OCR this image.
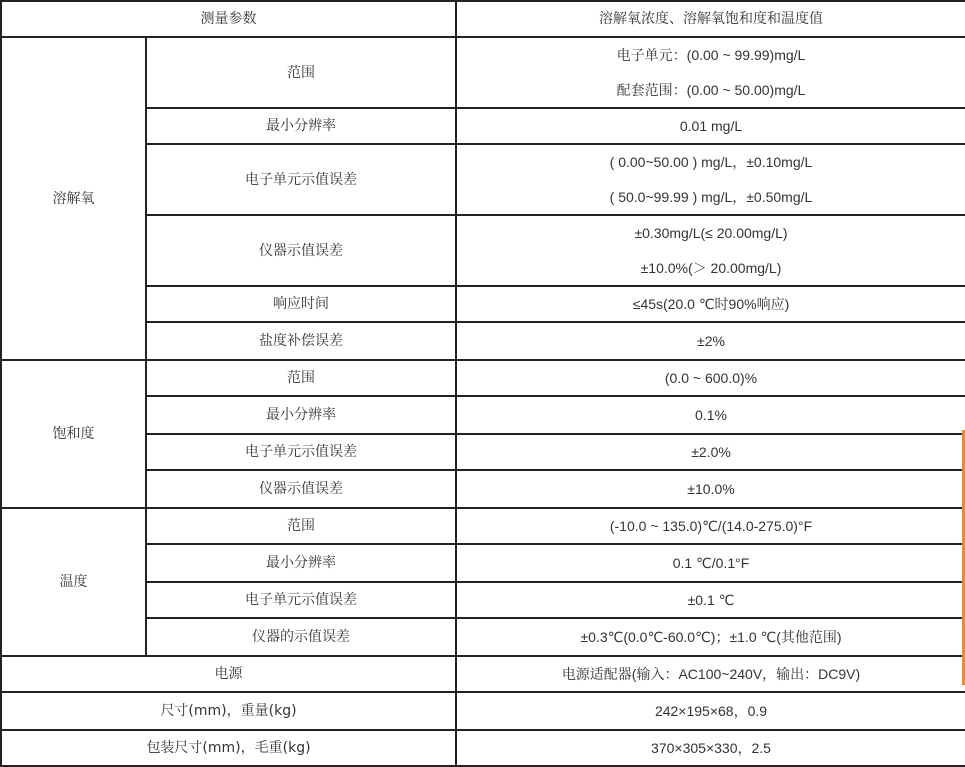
测量参数		溶解氧浓度、溶解氧饱和度和温度值
溶解氧	范围	电子单元：(0.00 ~ 99.99)mg/L
配套范围：(0.00 ~ 50.00)mg/L

	最小分辨率	0.01 mg/L
	电子单元示值误差	( 0.00~50.00 ) mg/L，±0.10mg/L
( 50.0~99.99 ) mg/L，±0.50mg/L

	仪器示值误差	±0.30mg/L(≤ 20.00mg/L)
±10.0%(＞ 20.00mg/L)

	响应时间	≤45s(20.0 ℃时90%响应)
	盐度补偿误差	±2%
饱和度	范围	(0.0 ~ 600.0)%
	最小分辨率	0.1%
	电子单元示值误差	±2.0%
	仪器示值误差	±10.0%
温度	范围	(-10.0 ~ 135.0)℃/(14.0-275.0)°F
	最小分辨率	0.1 ℃/0.1°F
	电子单元示值误差	±0.1 ℃
	仪器的示值误差	±0.3℃(0.0℃-60.0℃)；±1.0 ℃(其他范围)
电源		电源适配器(输入：AC100~240V，输出：DC9V)
尺寸(mm)，重量(kg)		242×195×68，0.9
包装尺寸(mm)，毛重(kg)		370×305×330，2.5
